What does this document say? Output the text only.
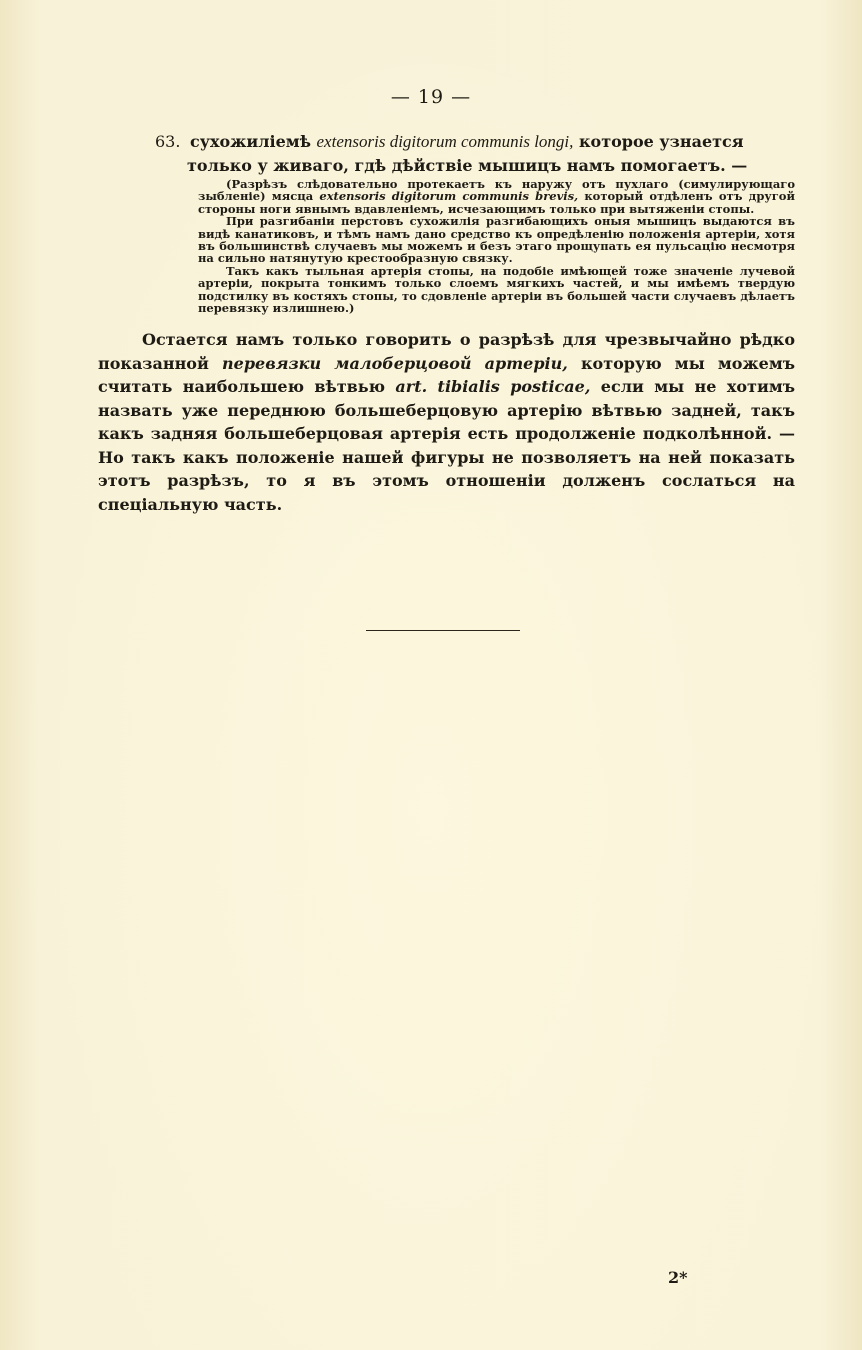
— 19 —
63. сухожиліемѣ extensoris digitorum communis longi, которое узнается
только у живаго, гдѣ дѣйствіе мышицъ намъ помогаетъ. —

(Разрѣзъ слѣдовательно протекаетъ къ наружу отъ пухлаго (симулирующаго зыбленіе) мясца extensoris digitorum communis brevis, который отдѣленъ отъ другой стороны ноги явнымъ вдавленіемъ, исчезающимъ только при вытяженіи стопы.

При разгибаніи перстовъ сухожилія разгибающихъ оныя мышицъ выдаются въ видѣ канатиковъ, и тѣмъ намъ дано средство къ опредѣленію положенія артеріи, хотя въ большинствѣ случаевъ мы можемъ и безъ этаго прощупать ея пульсацію несмотря на сильно натянутую крестообразную связку.

Такъ какъ тыльная артерія стопы, на подобіе имѣющей тоже значеніе лучевой артеріи, покрыта тонкимъ только слоемъ мягкихъ частей, и мы имѣемъ твердую подстилку въ костяхъ стопы, то сдовленіе артеріи въ большей части случаевъ дѣлаетъ перевязку излишнею.)

Остается намъ только говорить о разрѣзѣ для чрезвычайно рѣдко показанной перевязки малоберцовой артеріи, которую мы можемъ считать наибольшею вѣтвью art. tibialis posticae, если мы не хотимъ назвать уже переднюю большеберцовую артерію вѣтвью задней, такъ какъ задняя большеберцовая артерія есть продолженіе подколѣнной. — Но такъ какъ положеніе нашей фигуры не позволяетъ на ней показать этотъ разрѣзъ, то я въ этомъ отношеніи долженъ сослаться на спеціальную часть.
2*
